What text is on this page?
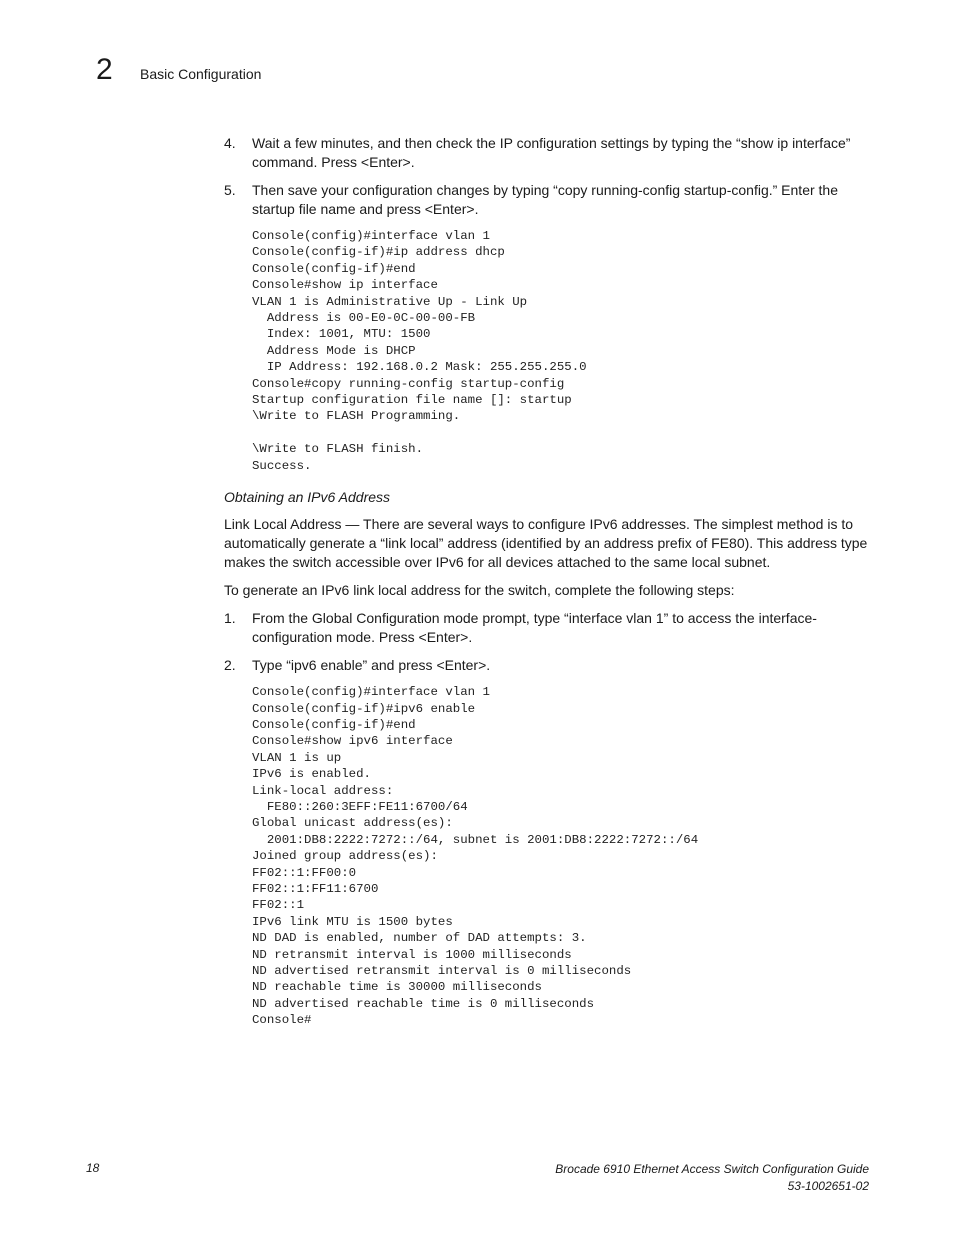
2 Basic Configuration
4. Wait a few minutes, and then check the IP configuration settings by typing the “show ip interface” command. Press <Enter>.
5. Then save your configuration changes by typing “copy running-config startup-config.” Enter the startup file name and press <Enter>.
Console(config)#interface vlan 1
Console(config-if)#ip address dhcp
Console(config-if)#end
Console#show ip interface
VLAN 1 is Administrative Up - Link Up
Address is 00-E0-0C-00-00-FB
Index: 1001, MTU: 1500
Address Mode is DHCP
IP Address: 192.168.0.2 Mask: 255.255.255.0
Console#copy running-config startup-config
Startup configuration file name []: startup
\Write to FLASH Programming.

\Write to FLASH finish.
Success.
Obtaining an IPv6 Address

Link Local Address — There are several ways to configure IPv6 addresses. The simplest method is to automatically generate a “link local” address (identified by an address prefix of FE80). This address type makes the switch accessible over IPv6 for all devices attached to the same local subnet.

To generate an IPv6 link local address for the switch, complete the following steps:

1. From the Global Configuration mode prompt, type “interface vlan 1” to access the interface-configuration mode. Press <Enter>.
2. Type “ipv6 enable” and press <Enter>.
Console(config)#interface vlan 1
Console(config-if)#ipv6 enable
Console(config-if)#end
Console#show ipv6 interface
VLAN 1 is up
IPv6 is enabled.
Link-local address:
FE80::260:3EFF:FE11:6700/64
Global unicast address(es):
2001:DB8:2222:7272::/64, subnet is 2001:DB8:2222:7272::/64
Joined group address(es):
FF02::1:FF00:0
FF02::1:FF11:6700
FF02::1
IPv6 link MTU is 1500 bytes
ND DAD is enabled, number of DAD attempts: 3.
ND retransmit interval is 1000 milliseconds
ND advertised retransmit interval is 0 milliseconds
ND reachable time is 30000 milliseconds
ND advertised reachable time is 0 milliseconds
Console#
18	Brocade 6910 Ethernet Access Switch Configuration Guide
53-1002651-02
